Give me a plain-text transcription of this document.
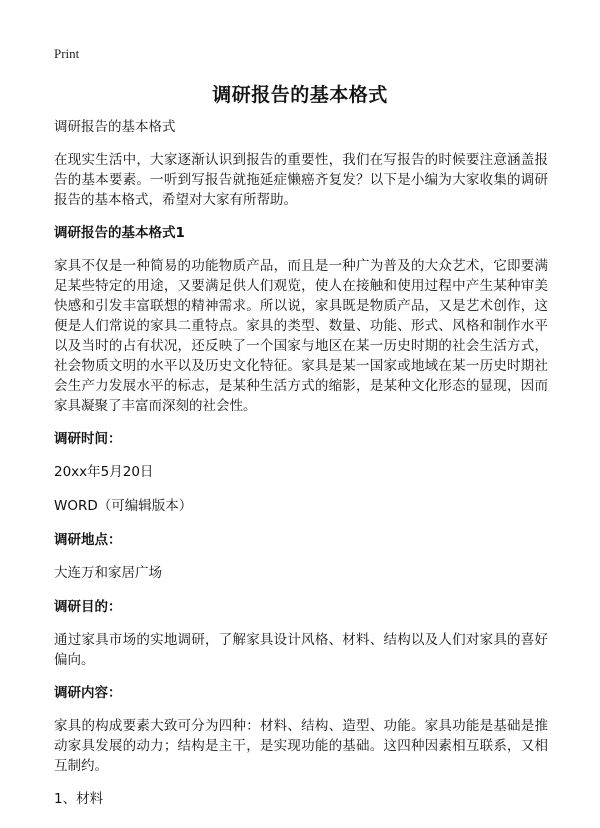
Print
调研报告的基本格式

调研报告的基本格式

在现实生活中，大家逐渐认识到报告的重要性，我们在写报告的时候要注意涵盖报告的基本要素。一听到写报告就拖延症懒癌齐复发？以下是小编为大家收集的调研报告的基本格式，希望对大家有所帮助。

调研报告的基本格式1

家具不仅是一种简易的功能物质产品，而且是一种广为普及的大众艺术，它即要满足某些特定的用途，又要满足供人们观览，使人在接触和使用过程中产生某种审美快感和引发丰富联想的精神需求。所以说，家具既是物质产品，又是艺术创作，这便是人们常说的家具二重特点。家具的类型、数量、功能、形式、风格和制作水平以及当时的占有状况，还反映了一个国家与地区在某一历史时期的社会生活方式，社会物质文明的水平以及历史文化特征。家具是某一国家或地域在某一历史时期社会生产力发展水平的标志，是某种生活方式的缩影，是某种文化形态的显现，因而家具凝聚了丰富而深刻的社会性。

调研时间：

20xx年5月20日

WORD（可编辑版本）

调研地点：

大连万和家居广场

调研目的：

通过家具市场的实地调研，了解家具设计风格、材料、结构以及人们对家具的喜好偏向。

调研内容：

家具的构成要素大致可分为四种：材料、结构、造型、功能。家具功能是基础是推动家具发展的动力；结构是主干，是实现功能的基础。这四种因素相互联系，又相互制约。

1、材料
